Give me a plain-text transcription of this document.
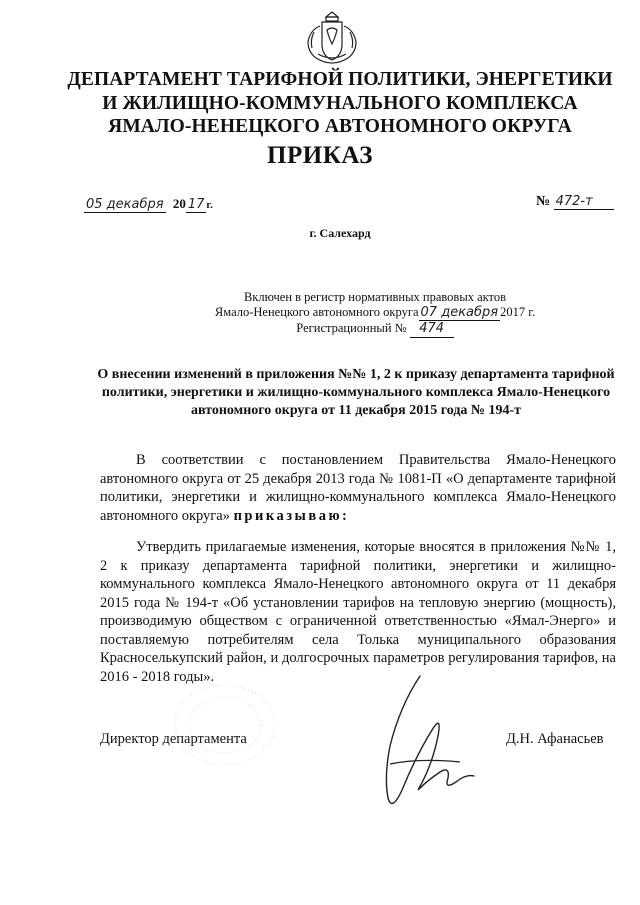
ДЕПАРТАМЕНТ ТАРИФНОЙ ПОЛИТИКИ, ЭНЕРГЕТИКИ
И ЖИЛИЩНО-КОММУНАЛЬНОГО КОМПЛЕКСА
ЯМАЛО-НЕНЕЦКОГО АВТОНОМНОГО ОКРУГА
ПРИКАЗ
05 декабря 20 17 г.	№ 472-т
г. Салехард
Включен в регистр нормативных правовых актов
Ямало-Ненецкого автономного округа 07 декабря 2017 г.
Регистрационный № 474
О внесении изменений в приложения №№ 1, 2 к приказу департамента тарифной политики, энергетики и жилищно-коммунального комплекса Ямало-Ненецкого автономного округа от 11 декабря 2015 года № 194-т
В соответствии с постановлением Правительства Ямало-Ненецкого автономного округа от 25 декабря 2013 года № 1081-П «О департаменте тарифной политики, энергетики и жилищно-коммунального комплекса Ямало-Ненецкого автономного округа» приказываю:
Утвердить прилагаемые изменения, которые вносятся в приложения №№ 1, 2 к приказу департамента тарифной политики, энергетики и жилищно-коммунального комплекса Ямало-Ненецкого автономного округа от 11 декабря 2015 года № 194-т «Об установлении тарифов на тепловую энергию (мощность), производимую обществом с ограниченной ответственностью «Ямал-Энерго» и поставляемую потребителям села Толька муниципального образования Красноселькупский район, и долгосрочных параметров регулирования тарифов, на 2016 - 2018 годы».
Директор департамента	Д.Н. Афанасьев
